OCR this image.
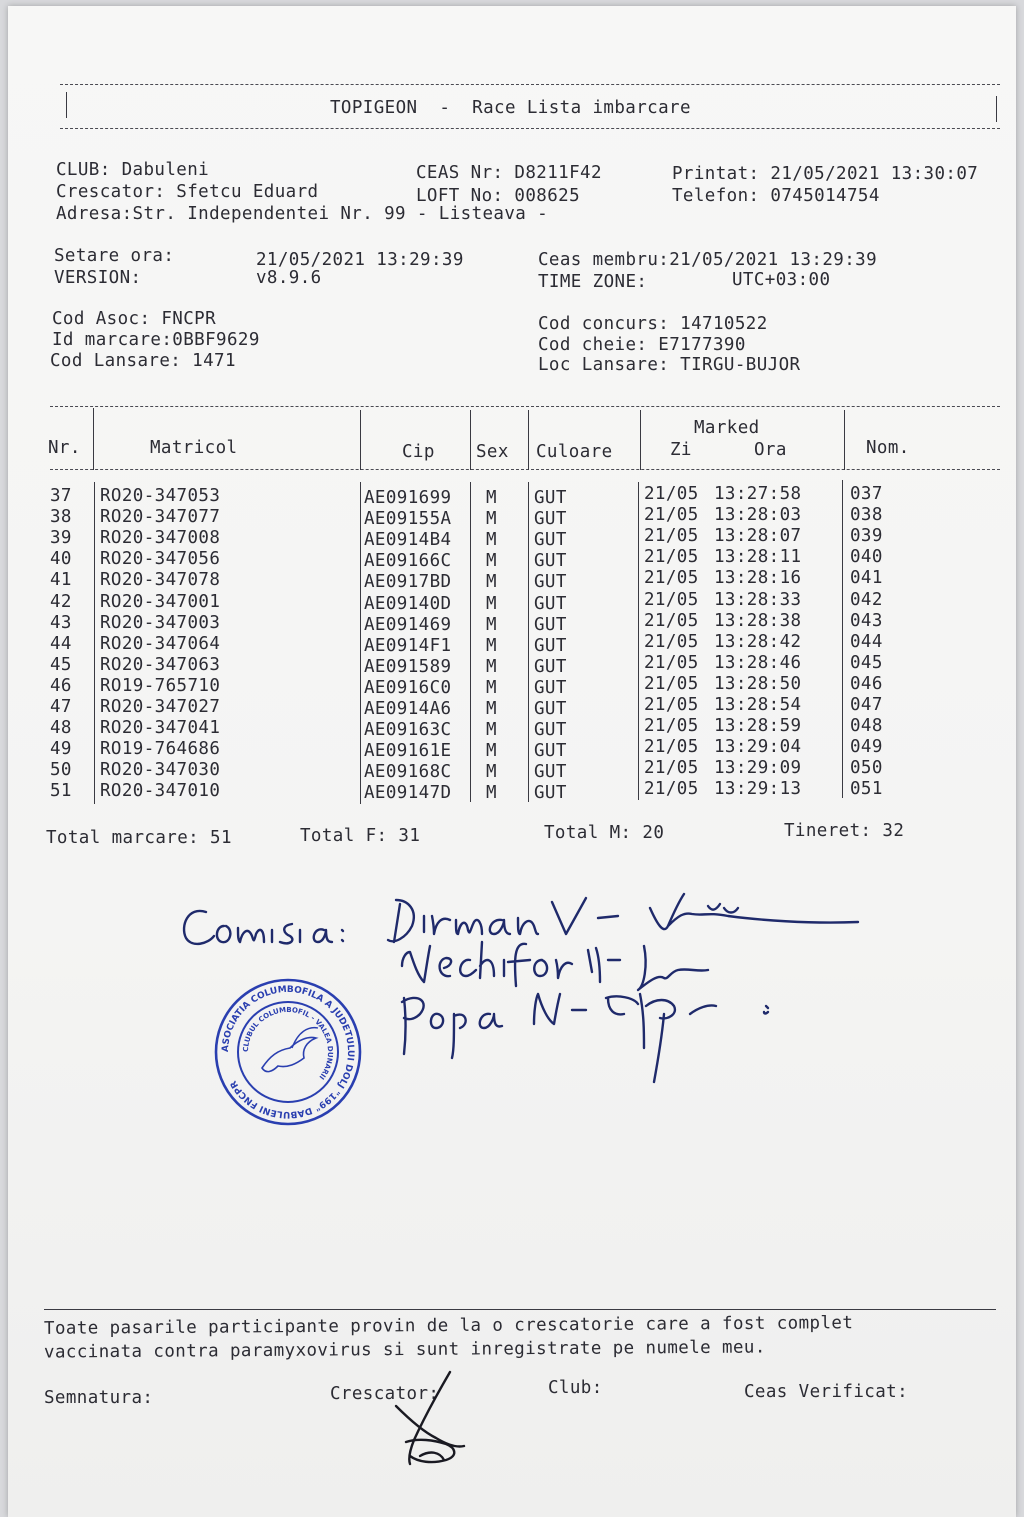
TOPIGEON  -  Race Lista imbarcare
CLUB: Dabuleni
Crescator: Sfetcu Eduard
Adresa:Str. Independentei Nr. 99 - Listeava -
CEAS Nr: D8211F42
LOFT No: 008625
Printat: 21/05/2021 13:30:07
Telefon: 0745014754
Setare ora:	21/05/2021 13:29:39
VERSION:	v8.9.6
Ceas membru:21/05/2021 13:29:39
TIME ZONE:	UTC+03:00
Cod Asoc: FNCPR
Id marcare:0BBF9629
Cod Lansare: 1471
Cod concurs: 14710522
Cod cheie: E7177390
Loc Lansare: TIRGU-BUJOR
Nr.	Matricol	Cip Sex Culoare
Marked
Zi	Ora	Nom.
37 RO20-347053	AE091699 M GUT	21/05 13:27:58	037
38 RO20-347077	AE09155A M GUT	21/05 13:28:03	038
39 RO20-347008	AE0914B4 M GUT	21/05 13:28:07	039
40 RO20-347056	AE09166C M GUT	21/05 13:28:11	040
41 RO20-347078	AE0917BD M GUT	21/05 13:28:16	041
42 RO20-347001	AE09140D M GUT	21/05 13:28:33	042
43 RO20-347003	AE091469 M GUT	21/05 13:28:38	043
44 RO20-347064	AE0914F1 M GUT	21/05 13:28:42	044
45 RO20-347063	AE091589 M GUT	21/05 13:28:46	045
46 RO19-765710	AE0916C0 M GUT	21/05 13:28:50	046
47 RO20-347027	AE0914A6 M GUT	21/05 13:28:54	047
48 RO20-347041	AE09163C M GUT	21/05 13:28:59	048
49 RO19-764686	AE09161E M GUT	21/05 13:29:04	049
50 RO20-347030	AE09168C M GUT	21/05 13:29:09	050
51 RO20-347010	AE09147D M GUT	21/05 13:29:13	051
Total marcare: 51	Total F: 31	Total M: 20	Tineret: 32
ASOCIATIA COLUMBOFILA A JUDETULUI DOLJ "199" DABULENI FNCPR
CLUBUL COLUMBOFIL - VALEA DUNARII
Toate pasarile participante provin de la o crescatorie care a fost complet
vaccinata contra paramyxovirus si sunt inregistrate pe numele meu.
Semnatura:	Crescator:	Club:	Ceas Verificat:
